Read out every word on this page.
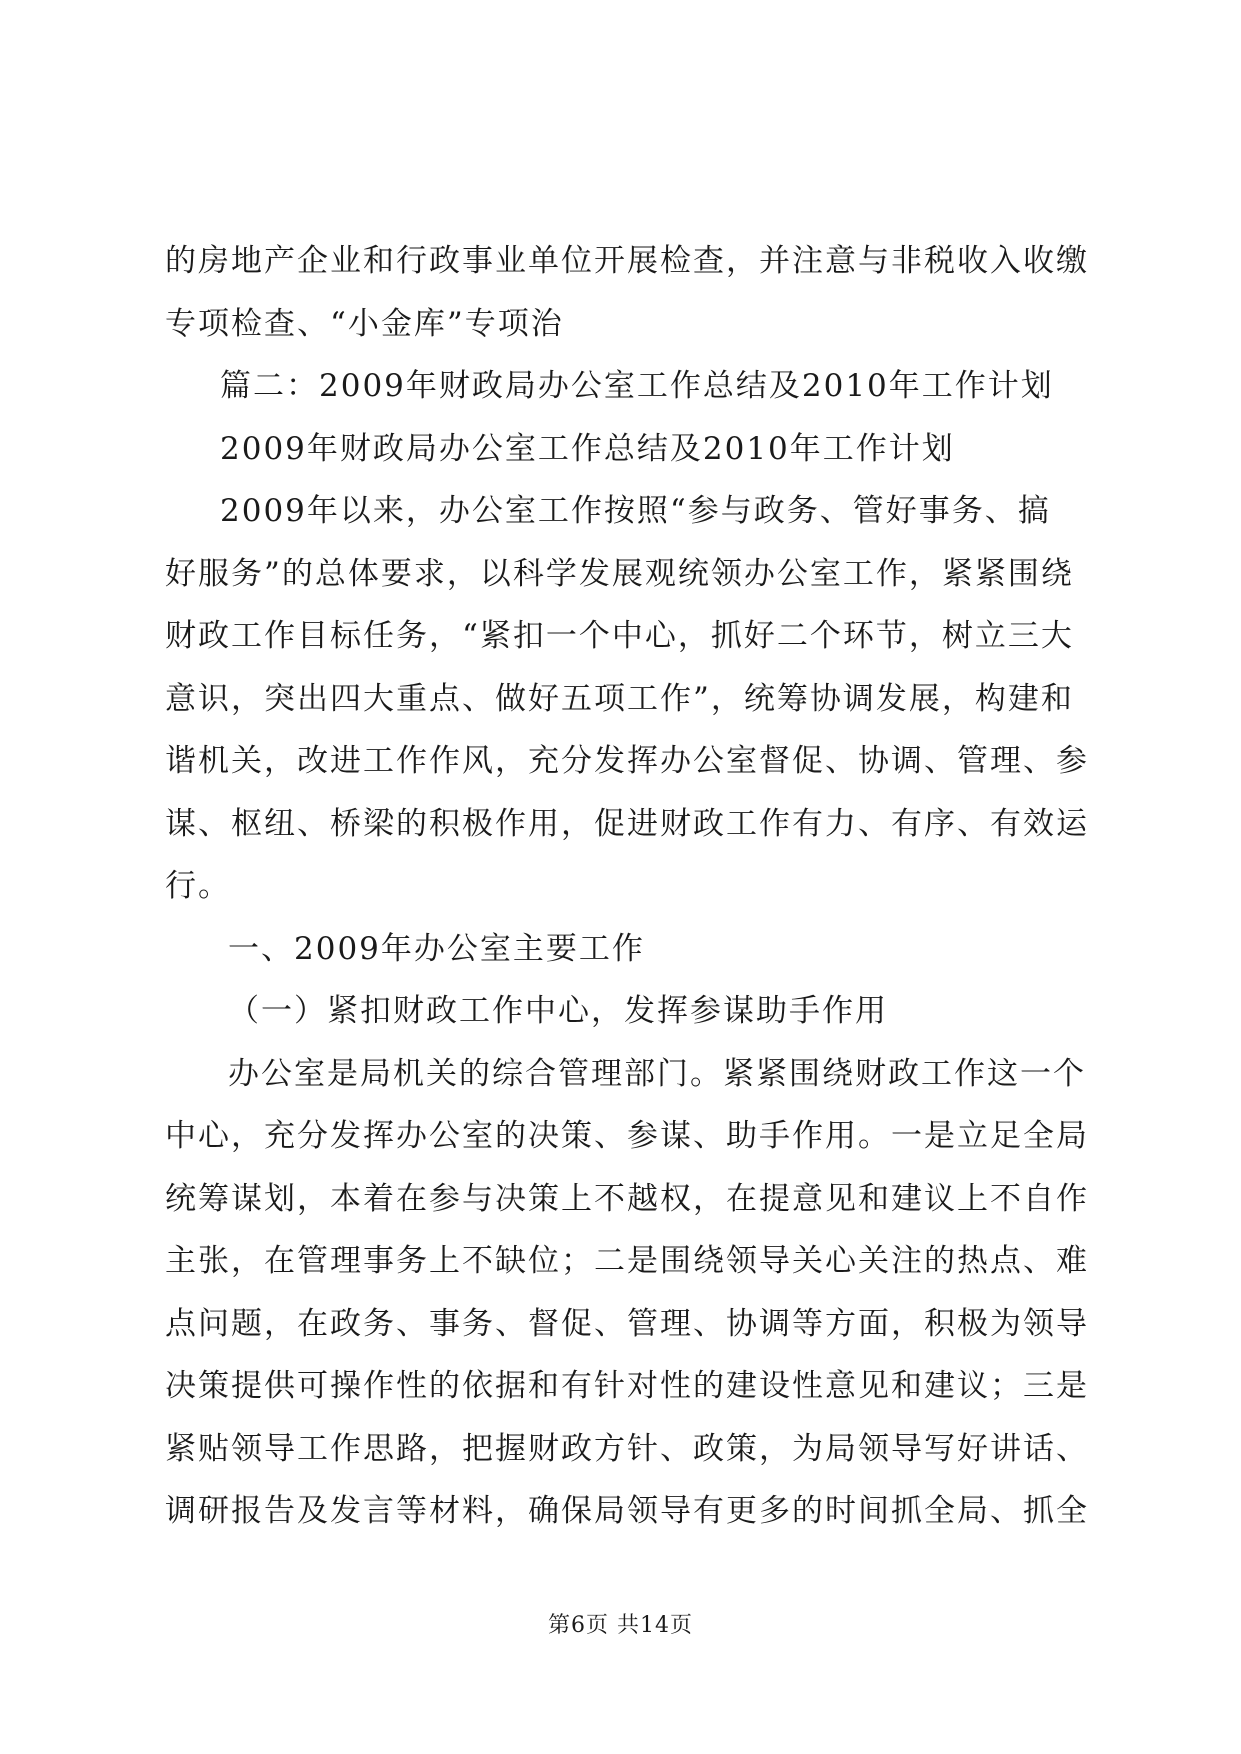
的房地产企业和行政事业单位开展检查，并注意与非税收入收缴
专项检查、“小金库”专项治
篇二：2009年财政局办公室工作总结及2010年工作计划
2009年财政局办公室工作总结及2010年工作计划
2009年以来，办公室工作按照“参与政务、管好事务、搞
好服务”的总体要求，以科学发展观统领办公室工作，紧紧围绕
财政工作目标任务，“紧扣一个中心，抓好二个环节，树立三大
意识，突出四大重点、做好五项工作”，统筹协调发展，构建和
谐机关，改进工作作风，充分发挥办公室督促、协调、管理、参
谋、枢纽、桥梁的积极作用，促进财政工作有力、有序、有效运
行。
一、2009年办公室主要工作
（一）紧扣财政工作中心，发挥参谋助手作用
办公室是局机关的综合管理部门。紧紧围绕财政工作这一个
中心，充分发挥办公室的决策、参谋、助手作用。一是立足全局
统筹谋划，本着在参与决策上不越权，在提意见和建议上不自作
主张，在管理事务上不缺位；二是围绕领导关心关注的热点、难
点问题，在政务、事务、督促、管理、协调等方面，积极为领导
决策提供可操作性的依据和有针对性的建设性意见和建议；三是
紧贴领导工作思路，把握财政方针、政策，为局领导写好讲话、
调研报告及发言等材料，确保局领导有更多的时间抓全局、抓全
第6页 共14页
